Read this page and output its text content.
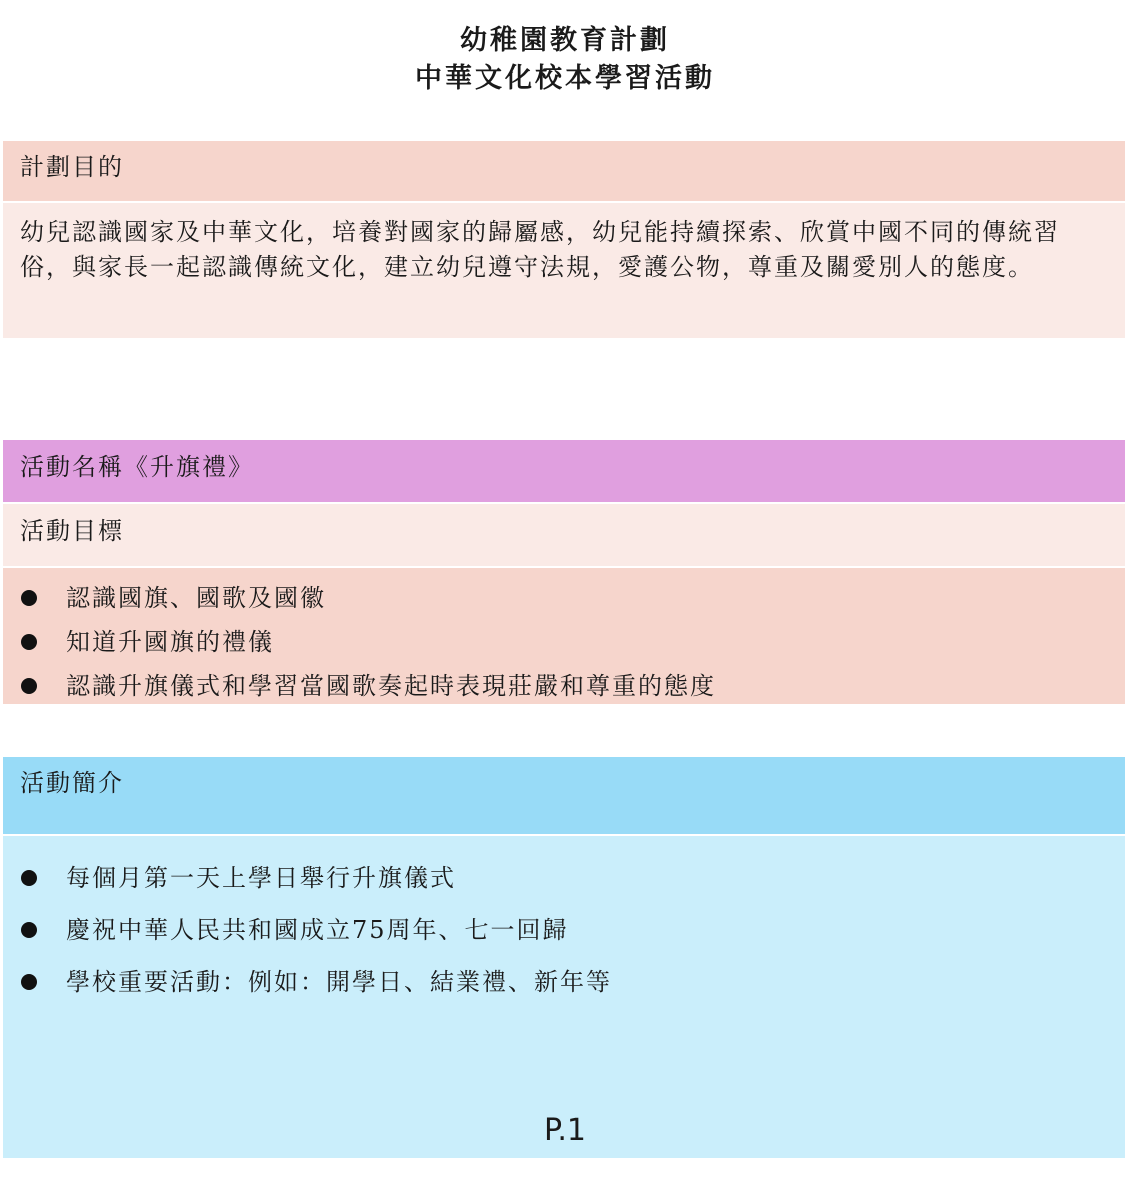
幼稚園教育計劃
中華文化校本學習活動
計劃目的
幼兒認識國家及中華文化，培養對國家的歸屬感，幼兒能持續探索、欣賞中國不同的傳統習俗，與家長一起認識傳統文化，建立幼兒遵守法規，愛護公物，尊重及關愛別人的態度。
活動名稱《升旗禮》
活動目標
認識國旗、國歌及國徽
知道升國旗的禮儀
認識升旗儀式和學習當國歌奏起時表現莊嚴和尊重的態度
活動簡介
每個月第一天上學日舉行升旗儀式
慶祝中華人民共和國成立75周年、七一回歸
學校重要活動：例如：開學日、結業禮、新年等
P.1
